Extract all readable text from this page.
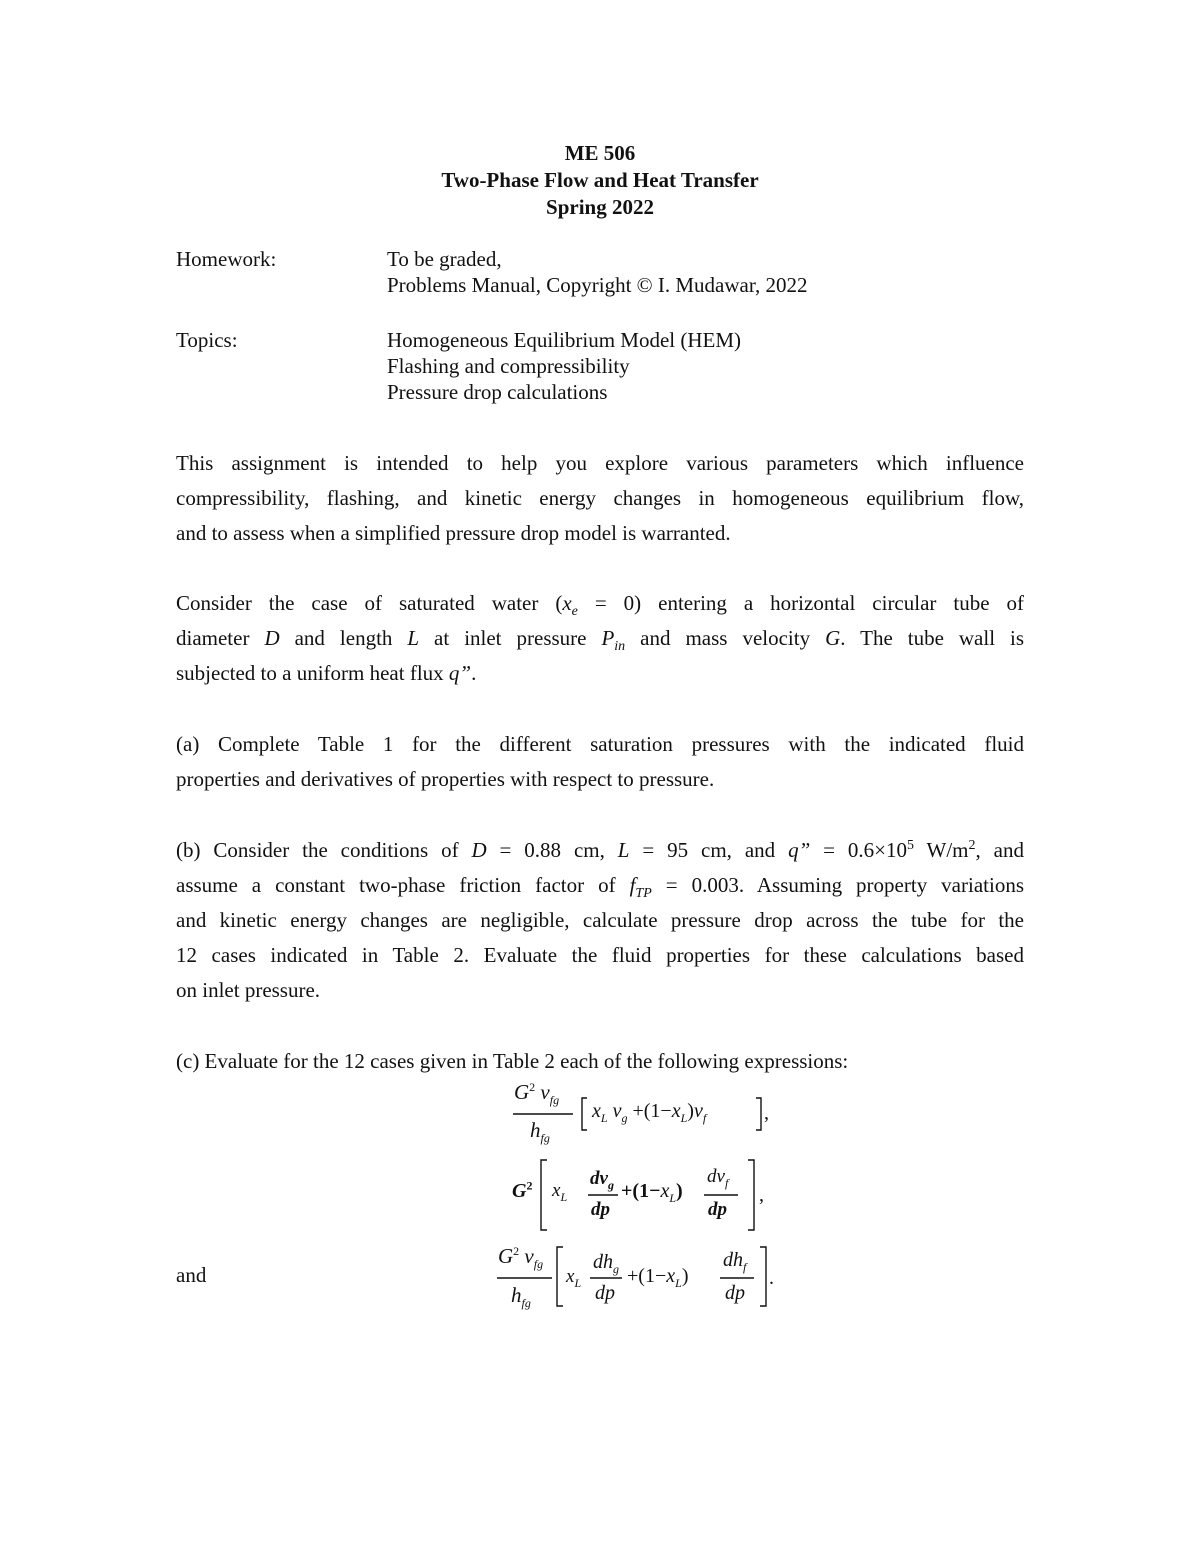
ME 506
Two-Phase Flow and Heat Transfer
Spring 2022
Homework:	To be graded,
Problems Manual, Copyright © I. Mudawar, 2022
Topics:	Homogeneous Equilibrium Model (HEM)
Flashing and compressibility
Pressure drop calculations
This assignment is intended to help you explore various parameters which influence
compressibility, flashing, and kinetic energy changes in homogeneous equilibrium flow,
and to assess when a simplified pressure drop model is warranted.
Consider the case of saturated water $(x_e = 0)$ entering a horizontal circular tube of
diameter D and length L at inlet pressure $P_{in}$ and mass velocity G. The tube wall is
subjected to a uniform heat flux q”.
(a) Complete Table 1 for the different saturation pressures with the indicated fluid
properties and derivatives of properties with respect to pressure.
(b) Consider the conditions of D = 0.88 cm, L = 95 cm, and q” = $0.6\times 10^5$ $W/m^2$, and
assume a constant two-phase friction factor of $f_{TP} = 0.003$. Assuming property variations
and kinetic energy changes are negligible, calculate pressure drop across the tube for the
12 cases indicated in Table 2. Evaluate the fluid properties for these calculations based
on inlet pressure.
(c) Evaluate for the 12 cases given in Table 2 each of the following expressions:
$G^2$ $v_{fg}$
$h_{fg}$
$x_L$ $v_g +(1-x_L)v_f$	,
$G^2$ $x_L$
$dv_g$
dp
$+(1-x_L)$
$dv_f$
dp
,
$G^2$ $v_{fg}$
$h_{fg}$
$x_L$
$dh_g$
dp
$+(1-x_L)$
$dh_f$
dp
.
and
